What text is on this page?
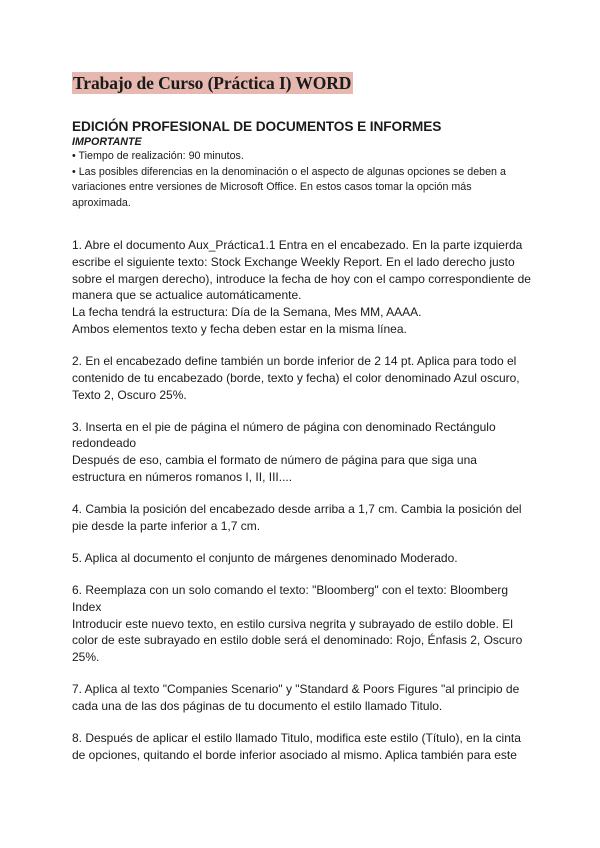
Trabajo de Curso (Práctica I) WORD
EDICIÓN PROFESIONAL DE DOCUMENTOS E INFORMES
IMPORTANTE

• Tiempo de realización: 90 minutos.

• Las posibles diferencias en la denominación o el aspecto de algunas opciones se deben a variaciones entre versiones de Microsoft Office. En estos casos tomar la opción más aproximada.

1. Abre el documento Aux_Práctica1.1 Entra en el encabezado. En la parte izquierda escribe el siguiente texto: Stock Exchange Weekly Report. En el lado derecho justo sobre el margen derecho), introduce la fecha de hoy con el campo correspondiente de manera que se actualice automáticamente.

La fecha tendrá la estructura: Día de la Semana, Mes MM, AAAA.

Ambos elementos texto y fecha deben estar en la misma línea.

2. En el encabezado define también un borde inferior de 2 14 pt. Aplica para todo el contenido de tu encabezado (borde, texto y fecha) el color denominado Azul oscuro, Texto 2, Oscuro 25%.

3. Inserta en el pie de página el número de página con denominado Rectángulo redondeado

Después de eso, cambia el formato de número de página para que siga una estructura en números romanos I, II, III....

4. Cambia la posición del encabezado desde arriba a 1,7 cm. Cambia la posición del pie desde la parte inferior a 1,7 cm.

5. Aplica al documento el conjunto de márgenes denominado Moderado.

6. Reemplaza con un solo comando el texto: "Bloomberg" con el texto: Bloomberg Index

Introducir este nuevo texto, en estilo cursiva negrita y subrayado de estilo doble. El color de este subrayado en estilo doble será el denominado: Rojo, Énfasis 2, Oscuro 25%.

7. Aplica al texto "Companies Scenario" y "Standard & Poors Figures "al principio de cada una de las dos páginas de tu documento el estilo llamado Titulo.

8. Después de aplicar el estilo llamado Titulo, modifica este estilo (Título), en la cinta de opciones, quitando el borde inferior asociado al mismo. Aplica también para este
